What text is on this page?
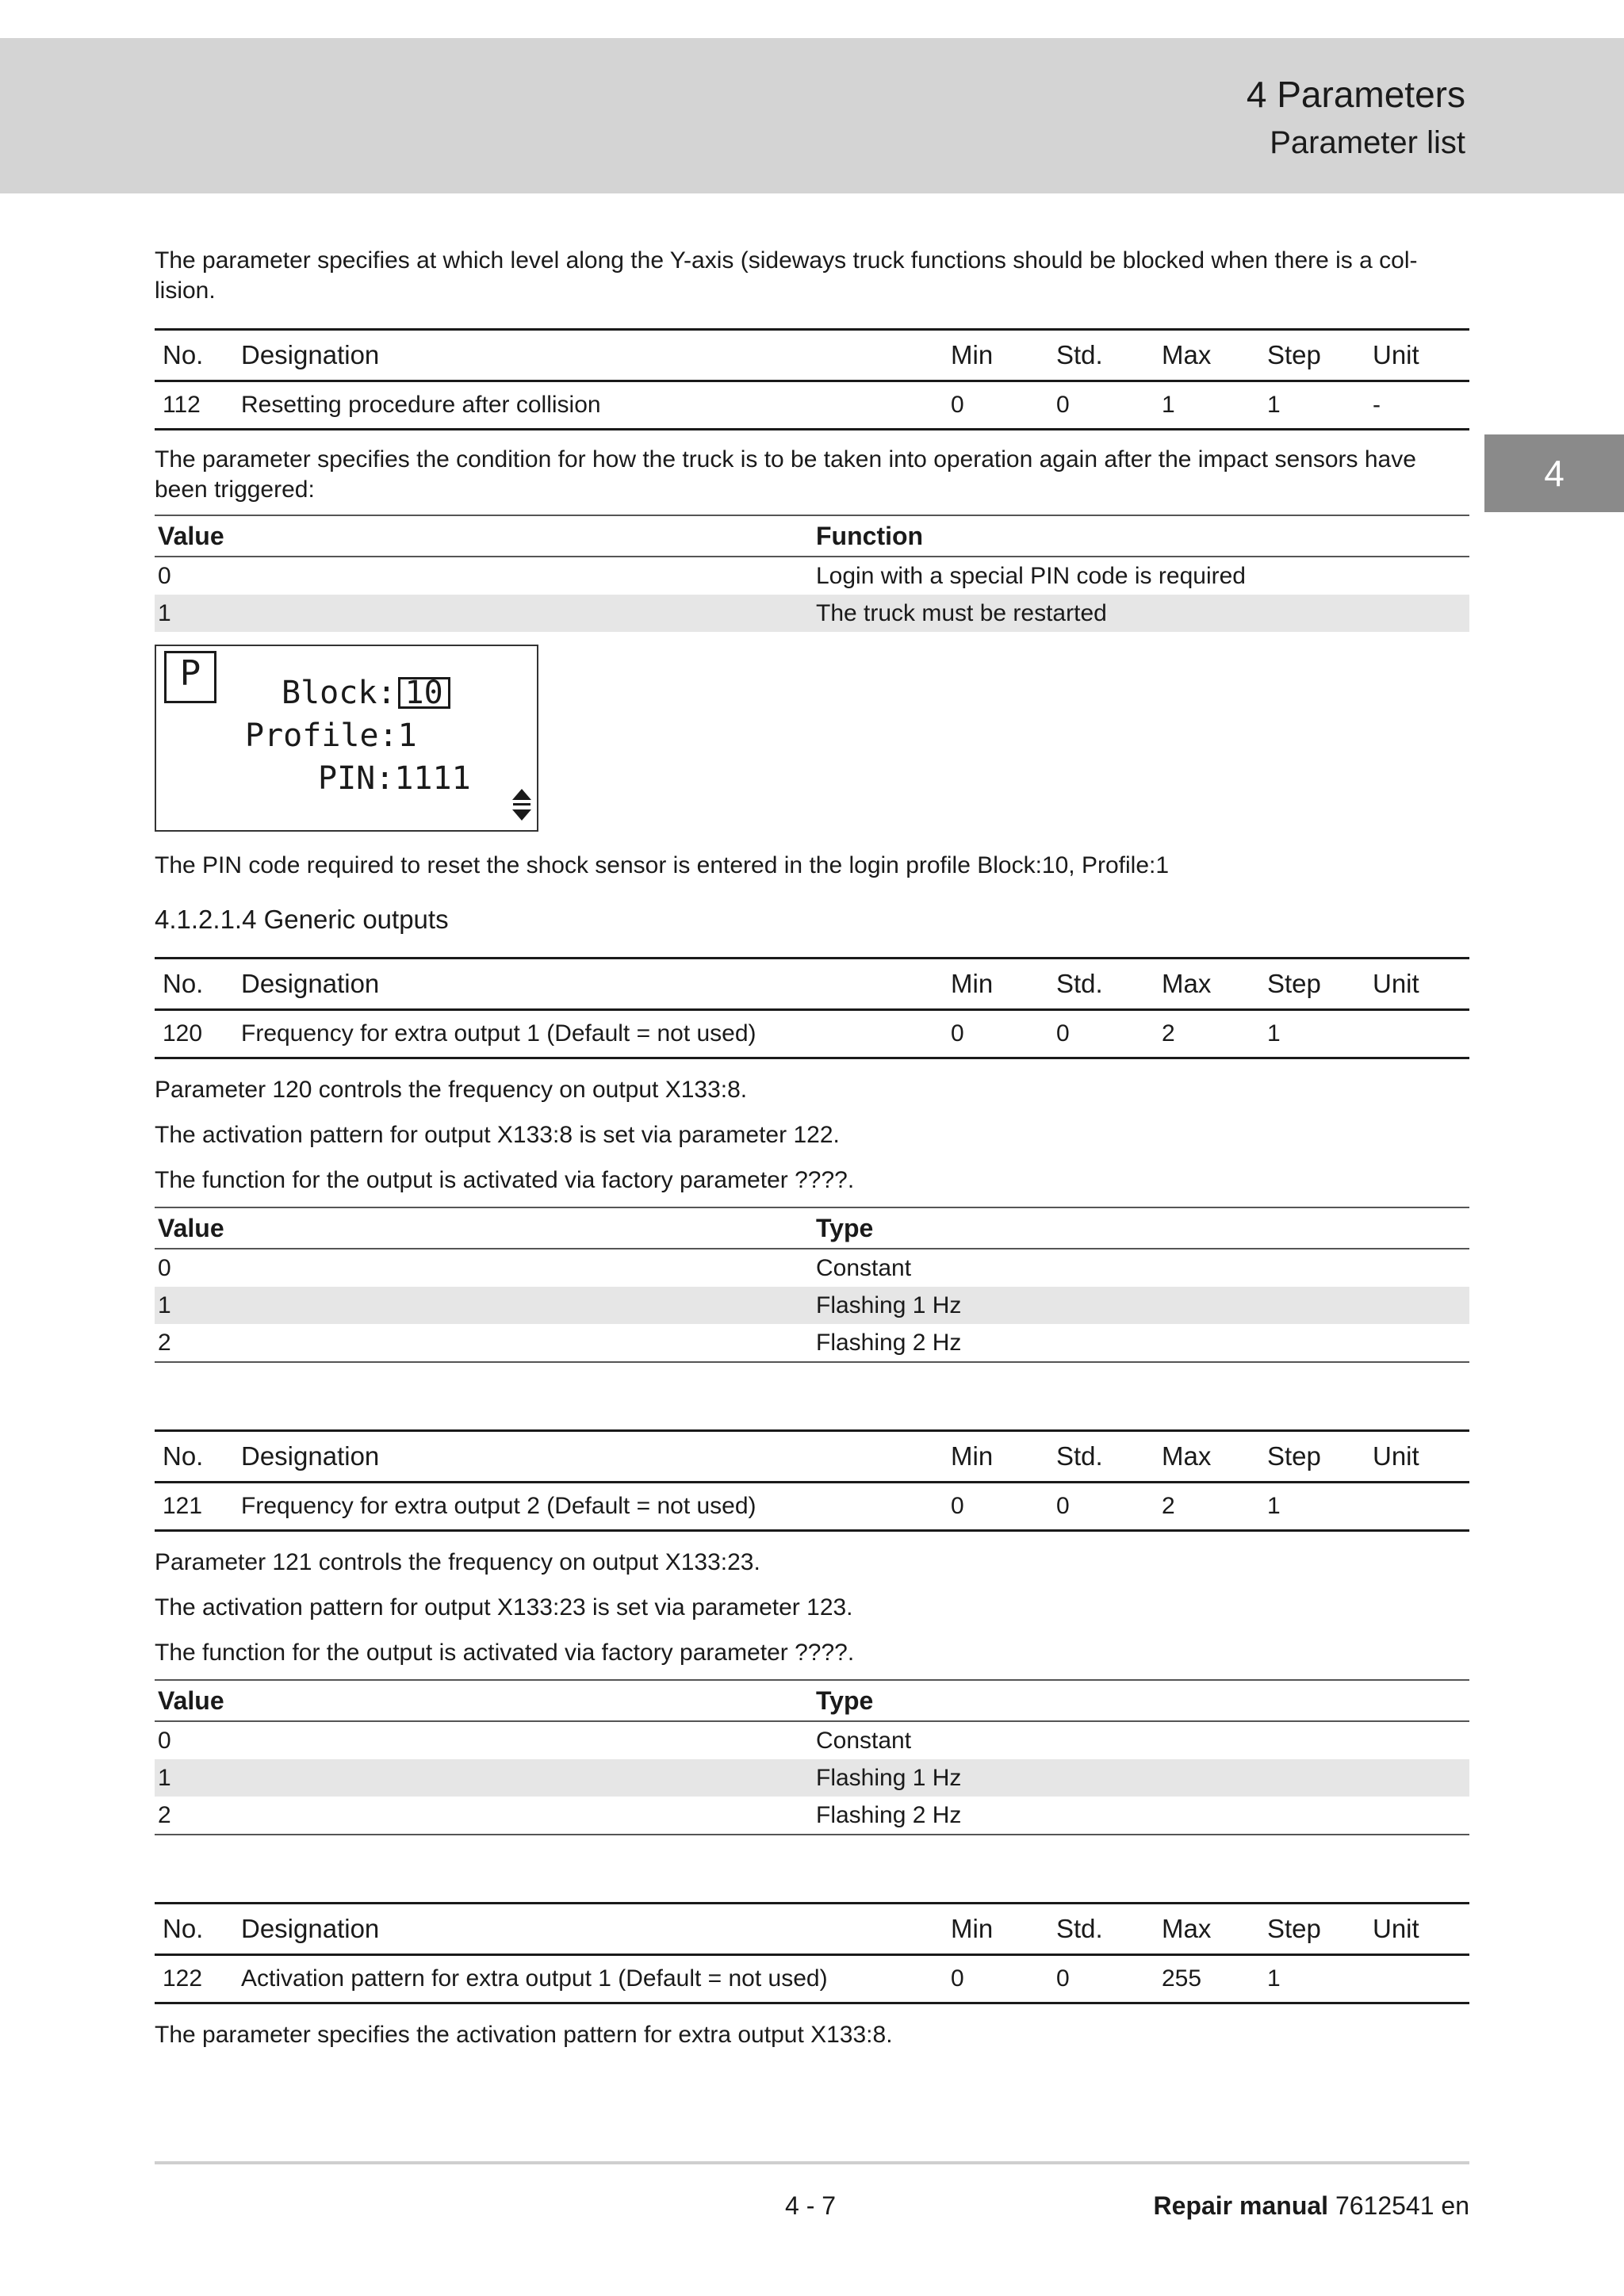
4 Parameters
Parameter list
4

The parameter specifies at which level along the Y-axis (sideways truck functions should be blocked when there is a col-lision.

No.	Designation	Min	Std.	Max	Step	Unit
112	Resetting procedure after collision	0	0	1	1	-

The parameter specifies the condition for how the truck is to be taken into operation again after the impact sensors have been triggered:

Value	Function
0	Login with a special PIN code is required
1	The truck must be restarted
P	Block: 10
Profile:1
PIN:1111

The PIN code required to reset the shock sensor is entered in the login profile Block:10, Profile:1

4.1.2.1.4 Generic outputs
No.	Designation	Min	Std.	Max	Step	Unit
120	Frequency for extra output 1 (Default = not used)	0	0	2	1	

Parameter 120 controls the frequency on output X133:8.

The activation pattern for output X133:8 is set via parameter 122.

The function for the output is activated via factory parameter ????.

Value	Type
0	Constant
1	Flashing 1 Hz
2	Flashing 2 Hz
No.	Designation	Min	Std.	Max	Step	Unit
121	Frequency for extra output 2 (Default = not used)	0	0	2	1	

Parameter 121 controls the frequency on output X133:23.

The activation pattern for output X133:23 is set via parameter 123.

The function for the output is activated via factory parameter ????.

Value	Type
0	Constant
1	Flashing 1 Hz
2	Flashing 2 Hz
No.	Designation	Min	Std.	Max	Step	Unit
122	Activation pattern for extra output 1 (Default = not used)	0	0	255	1	

The parameter specifies the activation pattern for extra output X133:8.

4 - 7	Repair manual 7612541 en
